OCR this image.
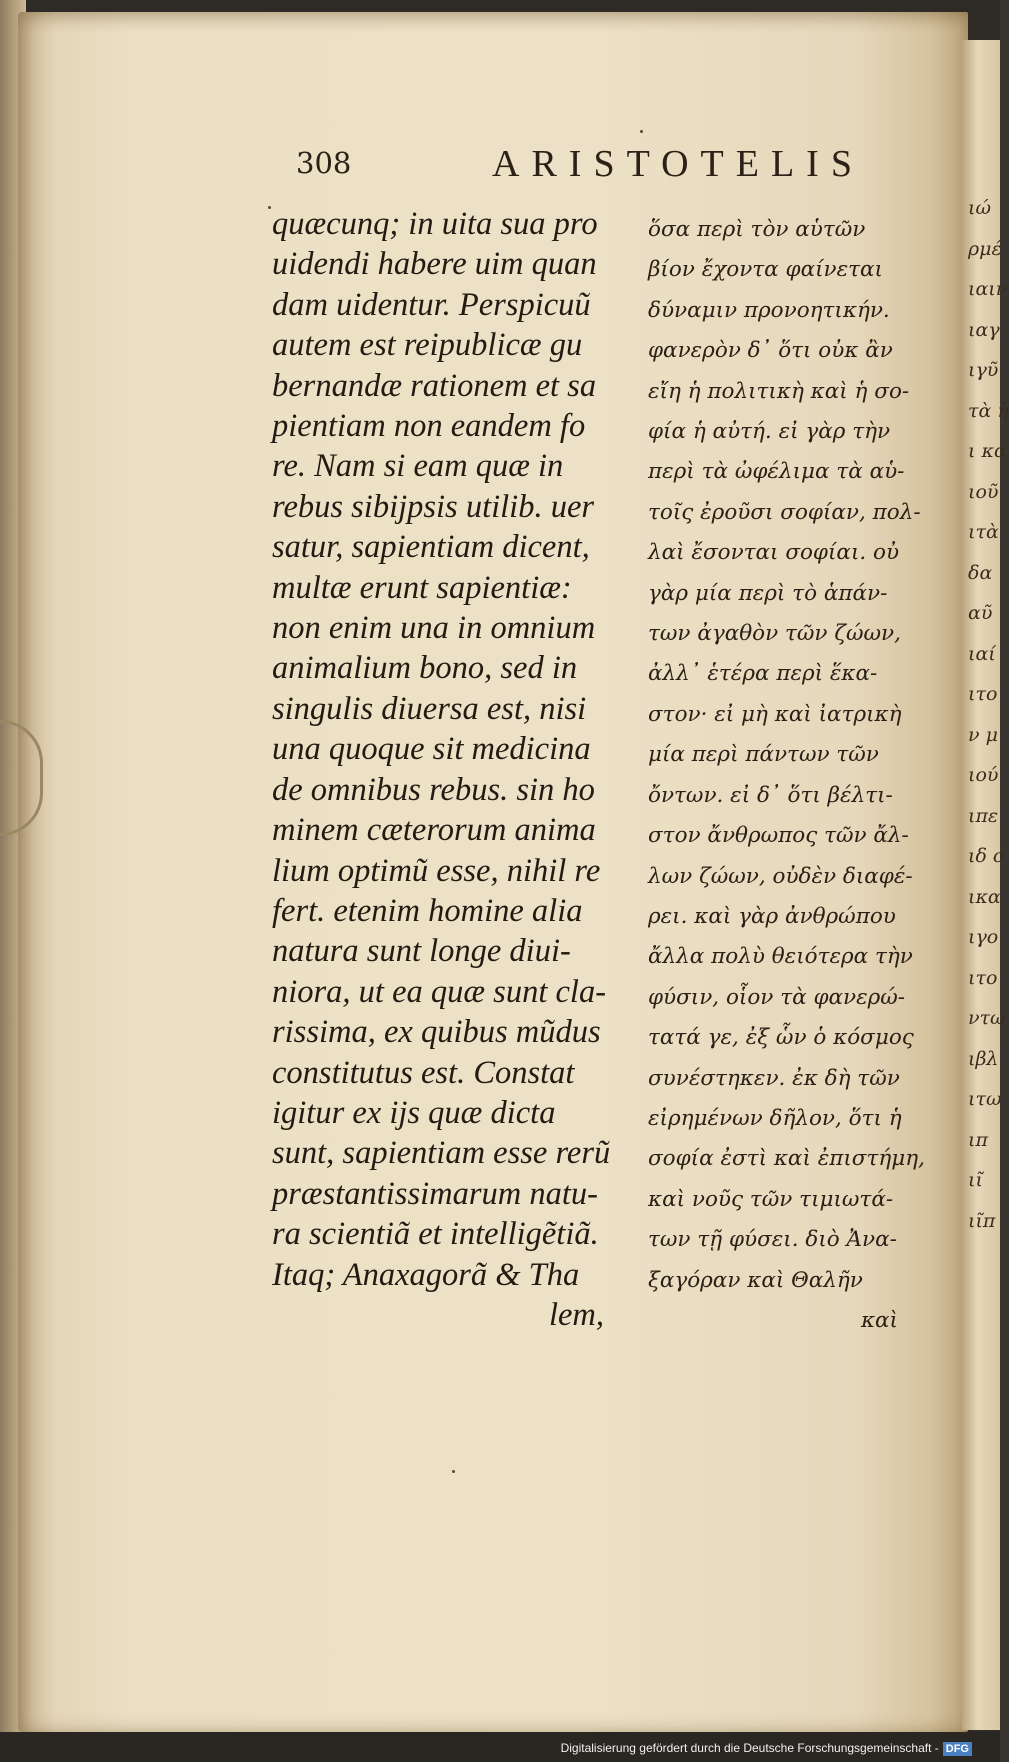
ιώ
ρμέ
ιαιν
ιαγ
ιγῦ
τὰ ἡ
ι κα
ιοῦ
ιτὰ
δα
αῦ
ιαί
ιτο
ν μ
ιού
ιπε
ιδ ο
ικα
ιγο
ιτο
ντω
ιβλ
ιτω
ιπ
ιῖ
ιῖπ
308	ARISTOTELIS
quæcunq; in uita sua pro
uidendi habere uim quan
dam uidentur. Perspicuũ
autem est reipublicæ gu
bernandæ rationem et sa
pientiam non eandem fo
re. Nam si eam quæ in
rebus sibijpsis utilib. uer
satur, sapientiam dicent,
multæ erunt sapientiæ:
non enim una in omnium
animalium bono, sed in
singulis diuersa est, nisi
una quoque sit medicina
de omnibus rebus. sin ho
minem cæterorum anima
lium optimũ esse, nihil re
fert. etenim homine alia
natura sunt longe diui-
niora, ut ea quæ sunt cla-
rissima, ex quibus mũdus
constitutus est. Constat
igitur ex ijs quæ dicta
sunt, sapientiam esse rerũ
præstantissimarum natu-
ra scientiã et intelligẽtiã.
Itaq; Anaxagorã & Tha
lem,
ὅσα περὶ τὸν αὑτῶν
βίον ἔχοντα φαίνεται
δύναμιν προνοητικήν.
φανερὸν δ᾽ ὅτι οὐκ ἂν
εἴη ἡ πολιτικὴ καὶ ἡ σο-
φία ἡ αὐτή. εἰ γὰρ τὴν
περὶ τὰ ὠφέλιμα τὰ αὑ-
τοῖς ἐροῦσι σοφίαν, πολ-
λαὶ ἔσονται σοφίαι. οὐ
γὰρ μία περὶ τὸ ἁπάν-
των ἀγαθὸν τῶν ζώων,
ἀλλ᾽ ἑτέρα περὶ ἕκα-
στον· εἰ μὴ καὶ ἰατρικὴ
μία περὶ πάντων τῶν
ὄντων. εἰ δ᾽ ὅτι βέλτι-
στον ἄνθρωπος τῶν ἄλ-
λων ζώων, οὐδὲν διαφέ-
ρει. καὶ γὰρ ἀνθρώπου
ἄλλα πολὺ θειότερα τὴν
φύσιν, οἷον τὰ φανερώ-
τατά γε, ἐξ ὧν ὁ κόσμος
συνέστηκεν. ἐκ δὴ τῶν
εἰρημένων δῆλον, ὅτι ἡ
σοφία ἐστὶ καὶ ἐπιστήμη,
καὶ νοῦς τῶν τιμιωτά-
των τῇ φύσει. διὸ Ἀνα-
ξαγόραν καὶ Θαλῆν
καὶ
Digitalisierung gefördert durch die Deutsche Forschungsgemeinschaft - DFG
